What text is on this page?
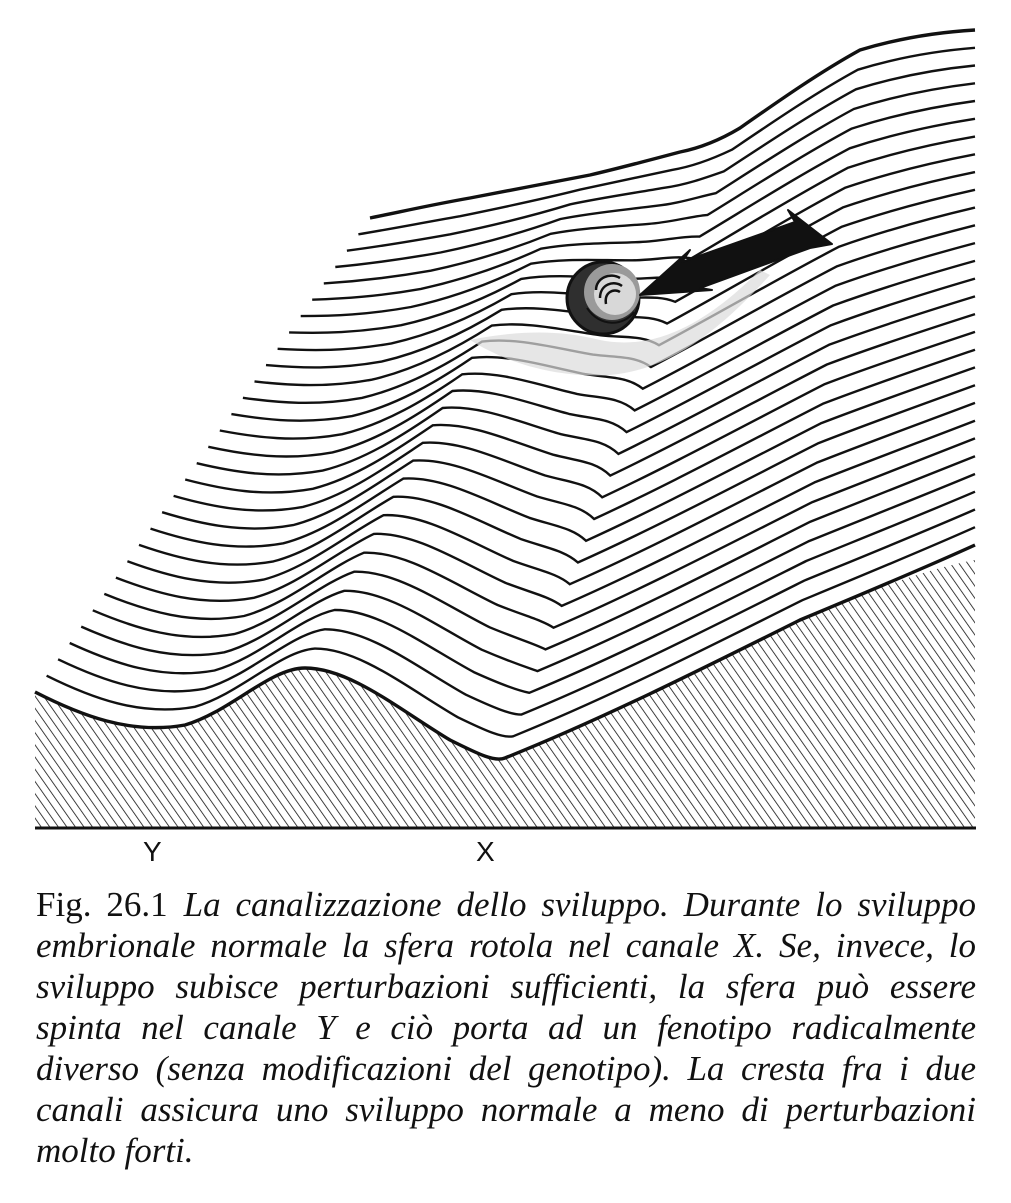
Y	X
Fig. 26.1 La canalizzazione dello sviluppo. Durante lo sviluppo embrionale normale la sfera rotola nel canale X. Se, invece, lo sviluppo subisce perturbazioni sufficienti, la sfera può essere spinta nel canale Y e ciò porta ad un fenotipo radicalmente diverso (senza modificazioni del genotipo). La cresta fra i due canali assicura uno sviluppo normale a meno di perturbazioni molto forti.
